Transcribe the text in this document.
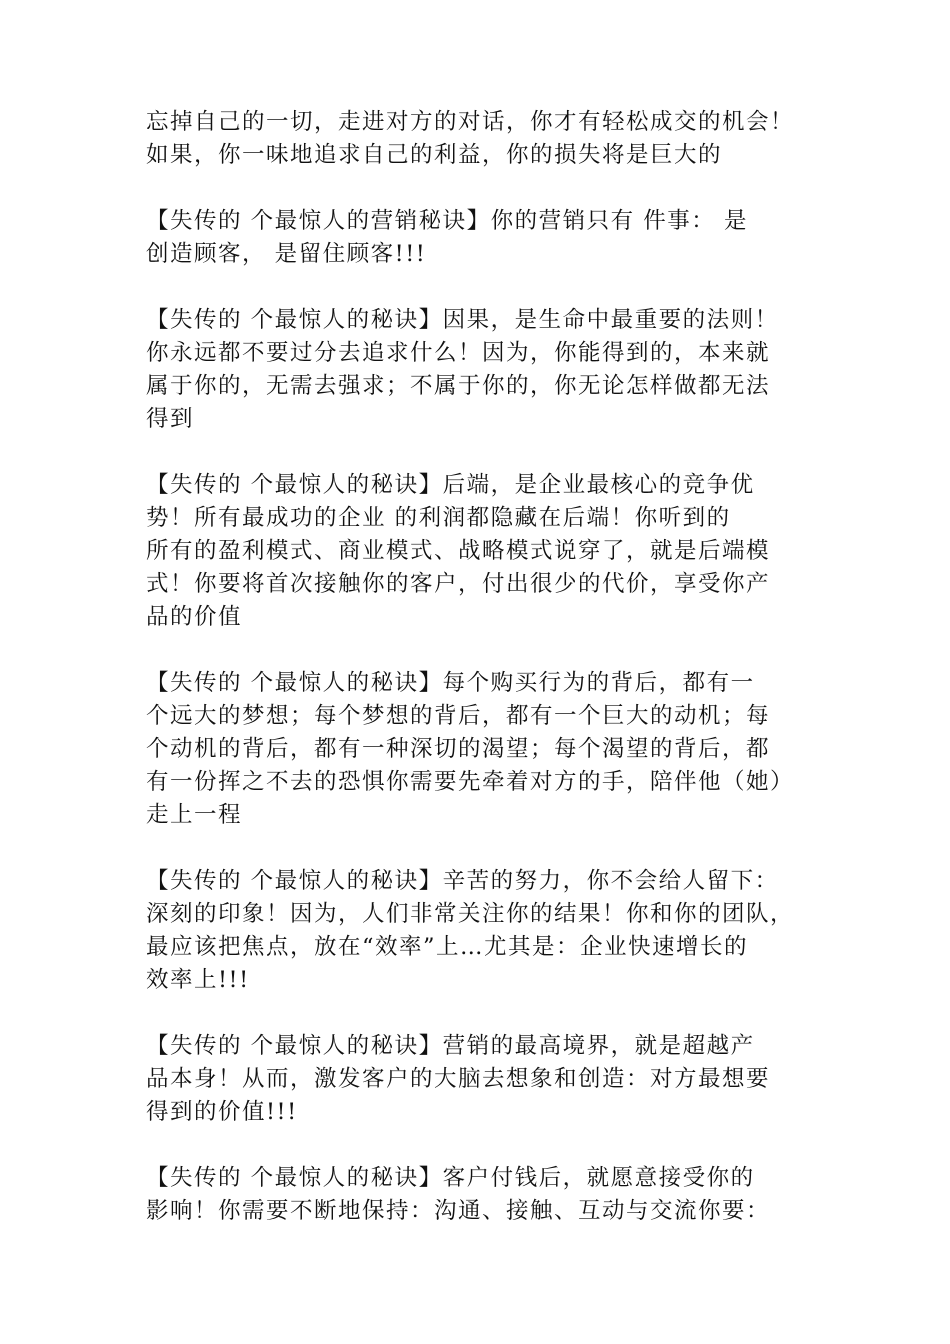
忘掉自己的一切，走进对方的对话，你才有轻松成交的机会！
如果，你一味地追求自己的利益，你的损失将是巨大的

【失传的 个最惊人的营销秘诀】你的营销只有 件事： 是
创造顾客， 是留住顾客!!!

【失传的 个最惊人的秘诀】因果，是生命中最重要的法则！
你永远都不要过分去追求什么！因为，你能得到的，本来就
属于你的，无需去强求；不属于你的，你无论怎样做都无法
得到

【失传的 个最惊人的秘诀】后端，是企业最核心的竞争优
势！所有最成功的企业 的利润都隐藏在后端！你听到的
所有的盈利模式、商业模式、战略模式说穿了，就是后端模
式！你要将首次接触你的客户，付出很少的代价，享受你产
品的价值

【失传的 个最惊人的秘诀】每个购买行为的背后，都有一
个远大的梦想；每个梦想的背后，都有一个巨大的动机；每
个动机的背后，都有一种深切的渴望；每个渴望的背后，都
有一份挥之不去的恐惧你需要先牵着对方的手，陪伴他（她）
走上一程

【失传的 个最惊人的秘诀】辛苦的努力，你不会给人留下：
深刻的印象！因为，人们非常关注你的结果！你和你的团队，
最应该把焦点，放在“效率”上…尤其是：企业快速增长的
效率上!!!

【失传的 个最惊人的秘诀】营销的最高境界，就是超越产
品本身！从而，激发客户的大脑去想象和创造：对方最想要
得到的价值!!!

【失传的 个最惊人的秘诀】客户付钱后，就愿意接受你的
影响！你需要不断地保持：沟通、接触、互动与交流你要：
